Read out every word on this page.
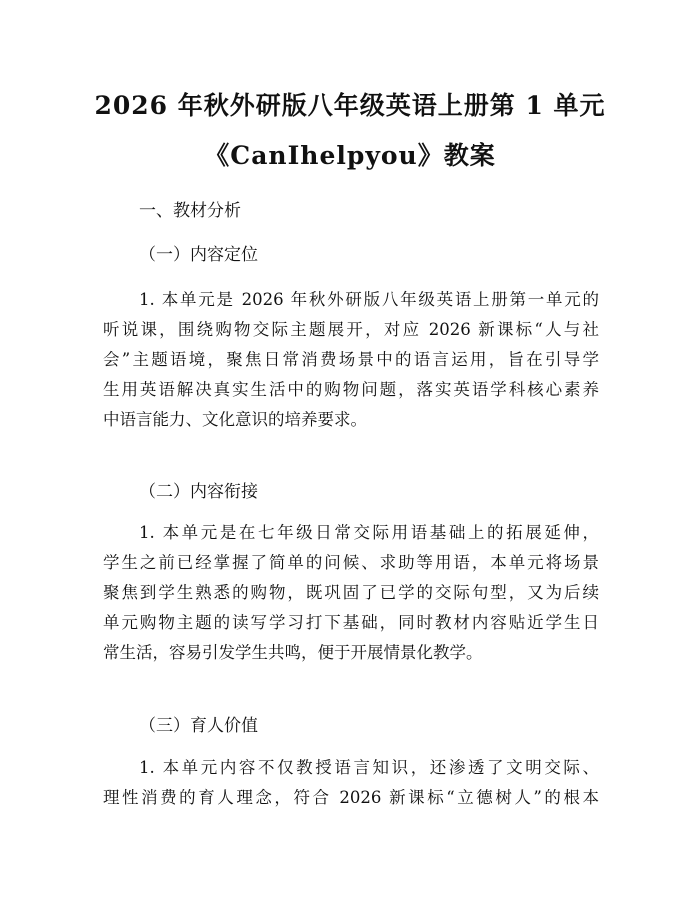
2026 年秋外研版八年级英语上册第 1 单元
《CanIhelpyou》教案
一、教材分析
（一）内容定位
1. 本单元是 2026 年秋外研版八年级英语上册第一单元的
听说课，围绕购物交际主题展开，对应 2026 新课标“人与社
会”主题语境，聚焦日常消费场景中的语言运用，旨在引导学
生用英语解决真实生活中的购物问题，落实英语学科核心素养
中语言能力、文化意识的培养要求。
（二）内容衔接
1. 本单元是在七年级日常交际用语基础上的拓展延伸，
学生之前已经掌握了简单的问候、求助等用语，本单元将场景
聚焦到学生熟悉的购物，既巩固了已学的交际句型，又为后续
单元购物主题的读写学习打下基础，同时教材内容贴近学生日
常生活，容易引发学生共鸣，便于开展情景化教学。
（三）育人价值
1. 本单元内容不仅教授语言知识，还渗透了文明交际、
理性消费的育人理念，符合 2026 新课标“立德树人”的根本
